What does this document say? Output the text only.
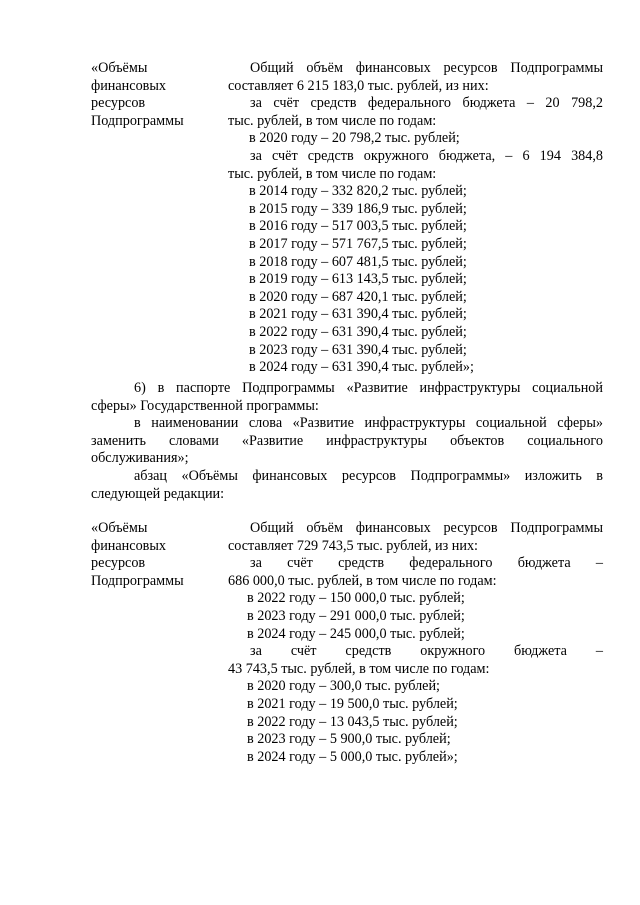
«Объёмы
финансовых
ресурсов
Подпрограммы
Общий объём финансовых ресурсов Подпрограммы
составляет 6 215 183,0 тыс. рублей, из них:
за счёт средств федерального бюджета – 20 798,2
тыс. рублей, в том числе по годам:
в 2020 году – 20 798,2 тыс. рублей;
за счёт средств окружного бюджета, – 6 194 384,8
тыс. рублей, в том числе по годам:
в 2014 году – 332 820,2 тыс. рублей;
в 2015 году – 339 186,9 тыс. рублей;
в 2016 году – 517 003,5 тыс. рублей;
в 2017 году – 571 767,5 тыс. рублей;
в 2018 году – 607 481,5 тыс. рублей;
в 2019 году – 613 143,5 тыс. рублей;
в 2020 году – 687 420,1 тыс. рублей;
в 2021 году – 631 390,4 тыс. рублей;
в 2022 году – 631 390,4 тыс. рублей;
в 2023 году – 631 390,4 тыс. рублей;
в 2024 году – 631 390,4 тыс. рублей»;
6) в паспорте Подпрограммы «Развитие инфраструктуры социальной
сферы» Государственной программы:
в наименовании слова «Развитие инфраструктуры социальной сферы»
заменить словами «Развитие инфраструктуры объектов социального
обслуживания»;
абзац «Объёмы финансовых ресурсов Подпрограммы» изложить в
следующей редакции:
«Объёмы
финансовых
ресурсов
Подпрограммы
Общий объём финансовых ресурсов Подпрограммы
составляет 729 743,5 тыс. рублей, из них:
за счёт средств федерального бюджета –
686 000,0 тыс. рублей, в том числе по годам:
в 2022 году – 150 000,0 тыс. рублей;
в 2023 году – 291 000,0 тыс. рублей;
в 2024 году – 245 000,0 тыс. рублей;
за счёт средств окружного бюджета –
43 743,5 тыс. рублей, в том числе по годам:
в 2020 году – 300,0 тыс. рублей;
в 2021 году – 19 500,0 тыс. рублей;
в 2022 году – 13 043,5 тыс. рублей;
в 2023 году – 5 900,0 тыс. рублей;
в 2024 году – 5 000,0 тыс. рублей»;
